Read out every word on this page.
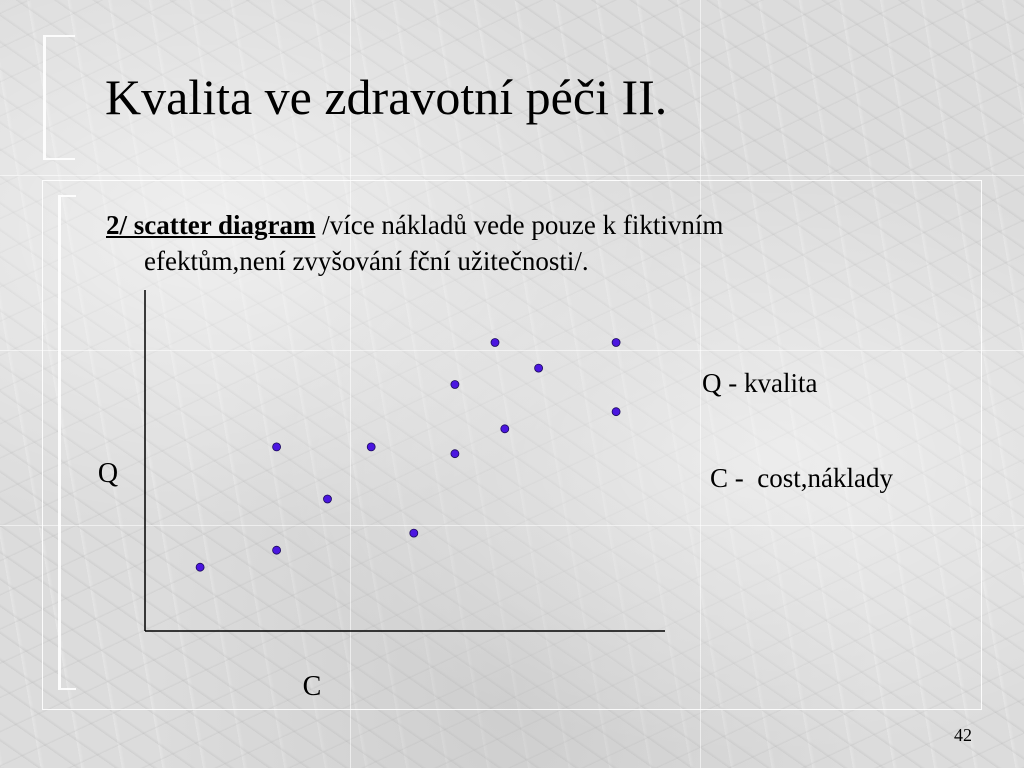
Kvalita ve zdravotní péči II.
2/ scatter diagram /více nákladů vede pouze k fiktivním
efektům,není zvyšování fční užitečnosti/.
Q
C
Q - kvalita
C -  cost,náklady
42
